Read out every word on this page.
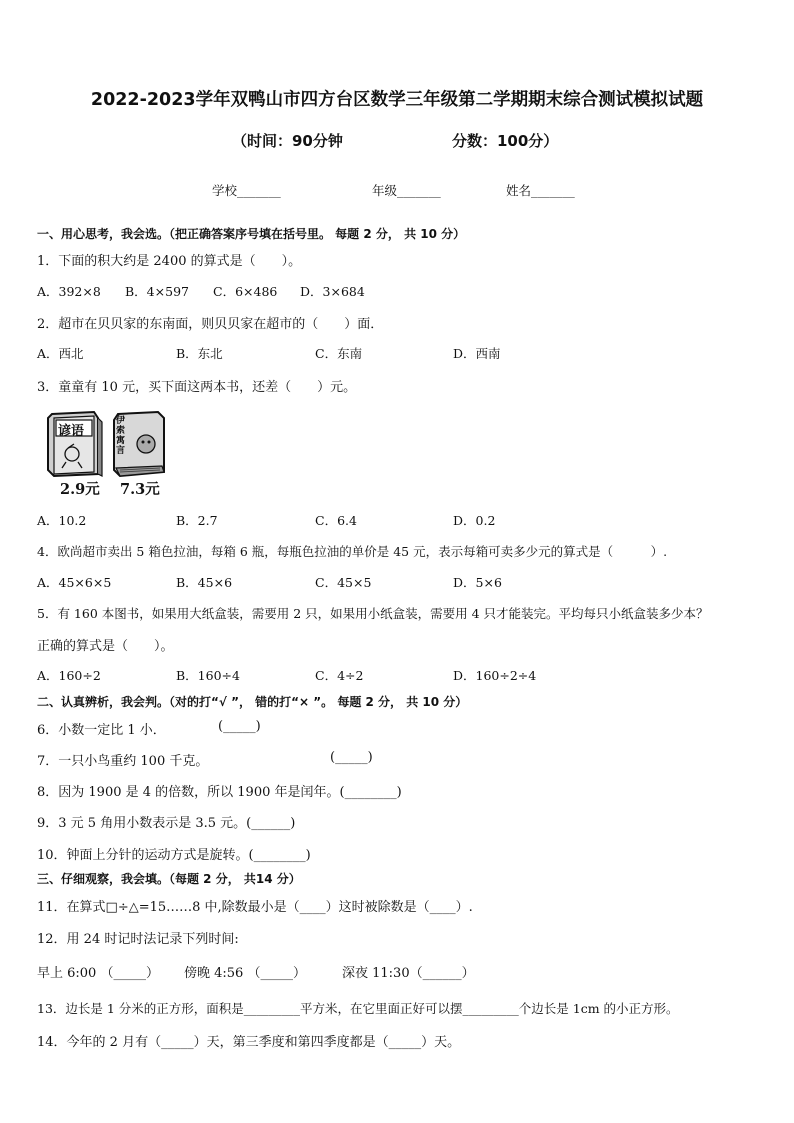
2022-2023学年双鸭山市四方台区数学三年级第二学期期末综合测试模拟试题
（时间：90分钟	分数：100分）
学校_______	年级_______	姓名_______
一、用心思考，我会选。（把正确答案序号填在括号里。 每题 2 分， 共 10 分）
1．下面的积大约是 2400 的算式是（　　）。
A．392×8 B．4×597 C．6×486 D．3×684
2．超市在贝贝家的东南面，则贝贝家在超市的（　　）面．
A．西北	B．东北	C．东南	D．西南
3．童童有 10 元，买下面这两本书，还差（　　）元。
谚语
伊索寓言
2.9元 7.3元
A．10.2	B．2.7	C．6.4	D．0.2
4．欧尚超市卖出 5 箱色拉油，每箱 6 瓶，每瓶色拉油的单价是 45 元，表示每箱可卖多少元的算式是（　　　）.
A．45×6×5	B．45×6	C．45×5	D．5×6
5．有 160 本图书，如果用大纸盒装，需要用 2 只，如果用小纸盒装，需要用 4 只才能装完。平均每只小纸盒装多少本？
正确的算式是（　　）。
A．160÷2	B．160÷4	C．4÷2	D．160÷2÷4
二、认真辨析，我会判。（对的打“√ ”， 错的打“× ”。 每题 2 分， 共 10 分）
6．小数一定比 1 小．	(_____)
7．一只小鸟重约 100 千克。	(_____)
8．因为 1900 是 4 的倍数，所以 1900 年是闰年。(________)
9．3 元 5 角用小数表示是 3.5 元。(______)
10．钟面上分针的运动方式是旋转。(________)
三、仔细观察，我会填。（每题 2 分， 共14 分）
11．在算式□÷△=15……8 中,除数最小是（____）这时被除数是（____）.
12．用 24 时记时法记录下列时间:
早上 6:00 （_____） 傍晚 4:56 （_____）	深夜 11:30（______）
13．边长是 1 分米的正方形，面积是_________平方米，在它里面正好可以摆_________个边长是 1cm 的小正方形。
14．今年的 2 月有（_____）天，第三季度和第四季度都是（_____）天。
